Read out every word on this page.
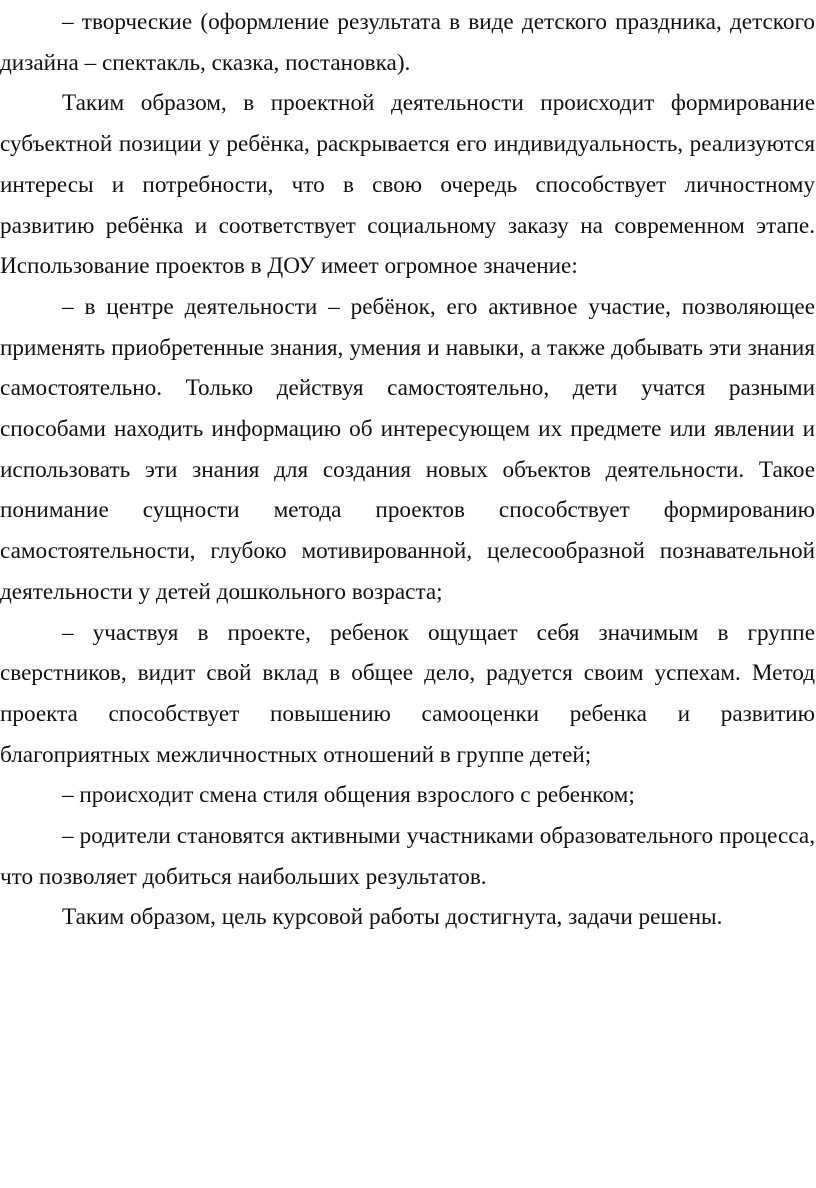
– творческие (оформление результата в виде детского праздника, детского дизайна – спектакль, сказка, постановка).

Таким образом, в проектной деятельности происходит формирование субъектной позиции у ребёнка, раскрывается его индивидуальность, реализуются интересы и потребности, что в свою очередь способствует личностному развитию ребёнка и соответствует социальному заказу на современном этапе. Использование проектов в ДОУ имеет огромное значение:

– в центре деятельности – ребёнок, его активное участие, позволяющее применять приобретенные знания, умения и навыки, а также добывать эти знания самостоятельно. Только действуя самостоятельно, дети учатся разными способами находить информацию об интересующем их предмете или явлении и использовать эти знания для создания новых объектов деятельности. Такое понимание сущности метода проектов способствует формированию самостоятельности, глубоко мотивированной, целесообразной познавательной деятельности у детей дошкольного возраста;

– участвуя в проекте, ребенок ощущает себя значимым в группе сверстников, видит свой вклад в общее дело, радуется своим успехам. Метод проекта способствует повышению самооценки ребенка и развитию благоприятных межличностных отношений в группе детей;

– происходит смена стиля общения взрослого с ребенком;

– родители становятся активными участниками образовательного процесса, что позволяет добиться наибольших результатов.

Таким образом, цель курсовой работы достигнута, задачи решены.
